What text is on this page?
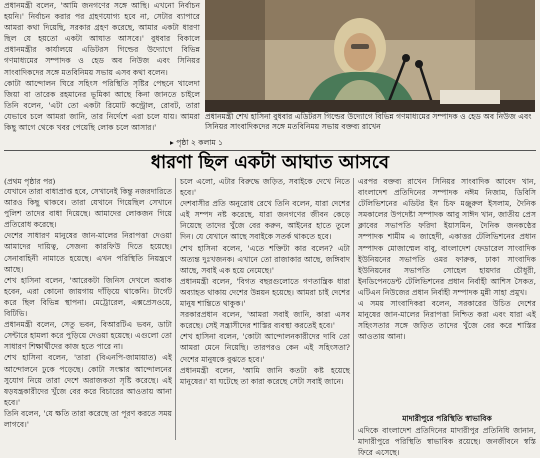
প্রধানমন্ত্রী বলেন, 'আমি জনগণের সঙ্গে আছি। এখনো নির্বাচন হয়নি।' নির্বাচন করার পর গ্রহণযোগ্য হবে না, সেটার ব্যাপারে আমরা কথা দিয়েছি, সরকার গ্রহণ করেছে, আমার একটা ধারণা ছিল যে হয়তো একটা আঘাত আসবে।' বুধবার বিকালে প্রধানমন্ত্রীর কার্যালয়ে এডিটরস গিল্ডের উদ্যোগে বিভিন্ন গণমাধ্যমের সম্পাদক ও হেড অব নিউজ এবং সিনিয়র সাংবাদিকদের সঙ্গে মতবিনিময় সভায় এসব কথা বলেন।
কোটা আন্দোলন ঘিরে সহিংস পরিস্থিতি সৃষ্টির পেছনে খালেদা জিয়া বা তারেক রহমানের ভূমিকা আছে কিনা জানতে চাইলে তিনি বলেন, 'এটা তো একটা রিমোট কন্ট্রোল, রোবট, তারা যেভাবে চলে আমরা জানি, তার নির্দেশে এরা চলে যায়। আমরা কিছু আগে থেকে খবর পেয়েছি লোক চলে আসার।'
▸ পৃষ্ঠা ২ কলাম ১
প্রধানমন্ত্রী শেখ হাসিনা বুধবার এডিটরস গিল্ডের উদ্যোগে বিভিন্ন গণমাধ্যমের সম্পাদক ও হেড অব নিউজ এবং সিনিয়র সাংবাদিকদের সঙ্গে মতবিনিময় সভায় বক্তব্য রাখেন
ধারণা ছিল একটা আঘাত আসবে
(প্রথম পৃষ্ঠার পর)
যেখানে তারা বাধাপ্রাপ্ত হবে, সেখানেই কিন্তু নজরদারিতে আরও কিছু থাকবে। তারা যেখানে গিয়েছিল সেখানে পুলিশ তাদের বাধা দিয়েছে। আমাদের লোকজন গিয়ে প্রতিরোধ করেছে।
দেশের সাধারণ মানুষের জান-মালের নিরাপত্তা দেওয়া আমাদের দায়িত্ব, সেজন্য কারফিউ দিতে হয়েছে। সেনাবাহিনী নামাতে হয়েছে। এখন পরিস্থিতি নিয়ন্ত্রণে আছে।
শেখ হাসিনা বলেন, 'আরেকটা জিনিস দেখলে অবাক হবেন, এরা কোনো জায়গায় দাঁড়িয়ে থাকেনি। টার্গেট করে ছিল বিভিন্ন স্থাপনা। মেট্রোরেল, এক্সপ্রেসওয়ে, বিটিভি।
প্রধানমন্ত্রী বলেন, সেতু ভবন, বিআরটিএ ভবন, ডাটা সেন্টারে হামলা করে পুড়িয়ে দেওয়া হয়েছে। এগুলো তো সাধারণ শিক্ষার্থীদের কাজ হতে পারে না।
শেখ হাসিনা বলেন, 'তারা (বিএনপি-জামায়াত) এই আন্দোলনে ঢুকে পড়েছে। কোটা সংস্কার আন্দোলনের সুযোগ নিয়ে তারা দেশে অরাজকতা সৃষ্টি করেছে। এই ষড়যন্ত্রকারীদের খুঁজে বের করে বিচারের আওতায় আনা হবে।'
তিনি বলেন, 'যে ক্ষতি তারা করেছে তা পূরণ করতে সময় লাগবে।'
চলে এলো, এটার বিরুদ্ধে জড়িত, সবাইকে দেখে নিতে হবে।'
দেশবাসীর প্রতি অনুরোধ রেখে তিনি বলেন, যারা দেশের এই সম্পদ নষ্ট করেছে, যারা জনগণের জীবন কেড়ে নিয়েছে তাদের খুঁজে বের করুন, আইনের হাতে তুলে দিন। যে যেখানে আছে সবাইকে সতর্ক থাকতে হবে।
শেখ হাসিনা বলেন, 'এতে শক্তিটা কার বলেন? এটা অত্যন্ত দুঃখজনক। এখানে তো রাজাকার আছে, জঙ্গিবাদ আছে, সবাই এক হয়ে নেমেছে।'
প্রধানমন্ত্রী বলেন, 'বিগত বছরগুলোতে গণতান্ত্রিক ধারা অব্যাহত থাকায় দেশের উন্নয়ন হয়েছে। আমরা চাই দেশের মানুষ শান্তিতে থাকুক।'
সরকারপ্রধান বলেন, 'আমরা সবাই জানি, কারা এসব করেছে। সেই সন্ত্রাসীদের শাস্তির ব্যবস্থা করতেই হবে।'
শেখ হাসিনা বলেন, 'কোটা আন্দোলনকারীদের দাবি তো আমরা মেনে নিয়েছি। তারপরও কেন এই সহিংসতা? দেশের মানুষকে বুঝতে হবে।'
প্রধানমন্ত্রী বলেন, 'আমি জানি কতটা কষ্ট হয়েছে মানুষের।' যা ঘটেছে তা কারা করেছে সেটা সবাই জানে।
এরপর বক্তব্য রাখেন সিনিয়র সাংবাদিক আবেদ খান, বাংলাদেশ প্রতিদিনের সম্পাদক নঈম নিজাম, ডিবিসি টেলিভিশনের এডিটর ইন চিফ মঞ্জুরুল ইসলাম, দৈনিক সমকালের উপদেষ্টা সম্পাদক আবু সাঈদ খান, জাতীয় প্রেস ক্লাবের সভাপতি ফরিদা ইয়াসমিন, দৈনিক জনকণ্ঠের সম্পাদক শামীম এ জাহেদী, একাত্তর টেলিভিশনের প্রধান সম্পাদক মোজাম্মেল বাবু, বাংলাদেশ ফেডারেল সাংবাদিক ইউনিয়নের সভাপতি ওমর ফারুক, ঢাকা সাংবাদিক ইউনিয়নের সভাপতি সোহেল হায়দার চৌধুরী, ইনডিপেনডেন্ট টেলিভিশনের প্রধান নির্বাহী আশিস সৈকত, এটিএন নিউজের প্রধান নির্বাহী সম্পাদক মুন্নী সাহা প্রমুখ।
এ সময় সাংবাদিকরা বলেন, সরকারের উচিত দেশের মানুষের জান-মালের নিরাপত্তা নিশ্চিত করা এবং যারা এই সহিংসতার সঙ্গে জড়িত তাদের খুঁজে বের করে শাস্তির আওতায় আনা।
মাদারীপুরে পরিস্থিতি স্বাভাবিক
এদিকে বাংলাদেশ প্রতিদিনের মাদারীপুর প্রতিনিধি জানান, মাদারীপুরে পরিস্থিতি স্বাভাবিক রয়েছে। জনজীবনে স্বস্তি ফিরে এসেছে।
